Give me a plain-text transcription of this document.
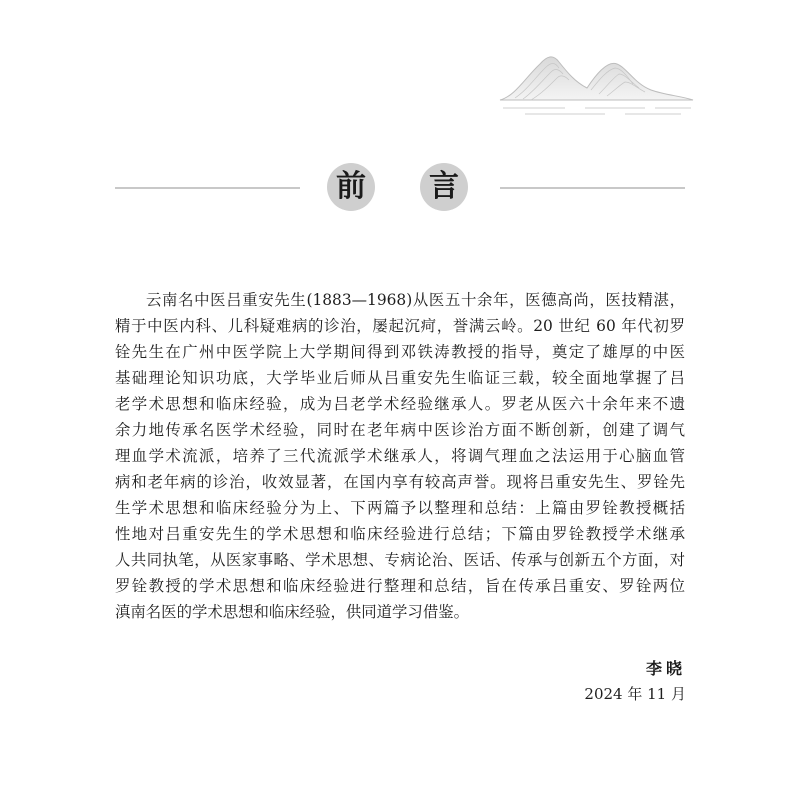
前	言
云南名中医吕重安先生(1883—1968)从医五十余年，医德高尚，医技精湛，
精于中医内科、儿科疑难病的诊治，屡起沉疴，誉满云岭。20 世纪 60 年代初罗
铨先生在广州中医学院上大学期间得到邓铁涛教授的指导，奠定了雄厚的中医
基础理论知识功底，大学毕业后师从吕重安先生临证三载，较全面地掌握了吕
老学术思想和临床经验，成为吕老学术经验继承人。罗老从医六十余年来不遗
余力地传承名医学术经验，同时在老年病中医诊治方面不断创新，创建了调气
理血学术流派，培养了三代流派学术继承人，将调气理血之法运用于心脑血管
病和老年病的诊治，收效显著，在国内享有较高声誉。现将吕重安先生、罗铨先
生学术思想和临床经验分为上、下两篇予以整理和总结：上篇由罗铨教授概括
性地对吕重安先生的学术思想和临床经验进行总结；下篇由罗铨教授学术继承
人共同执笔，从医家事略、学术思想、专病论治、医话、传承与创新五个方面，对
罗铨教授的学术思想和临床经验进行整理和总结，旨在传承吕重安、罗铨两位
滇南名医的学术思想和临床经验，供同道学习借鉴。
李晓
2024 年 11 月
